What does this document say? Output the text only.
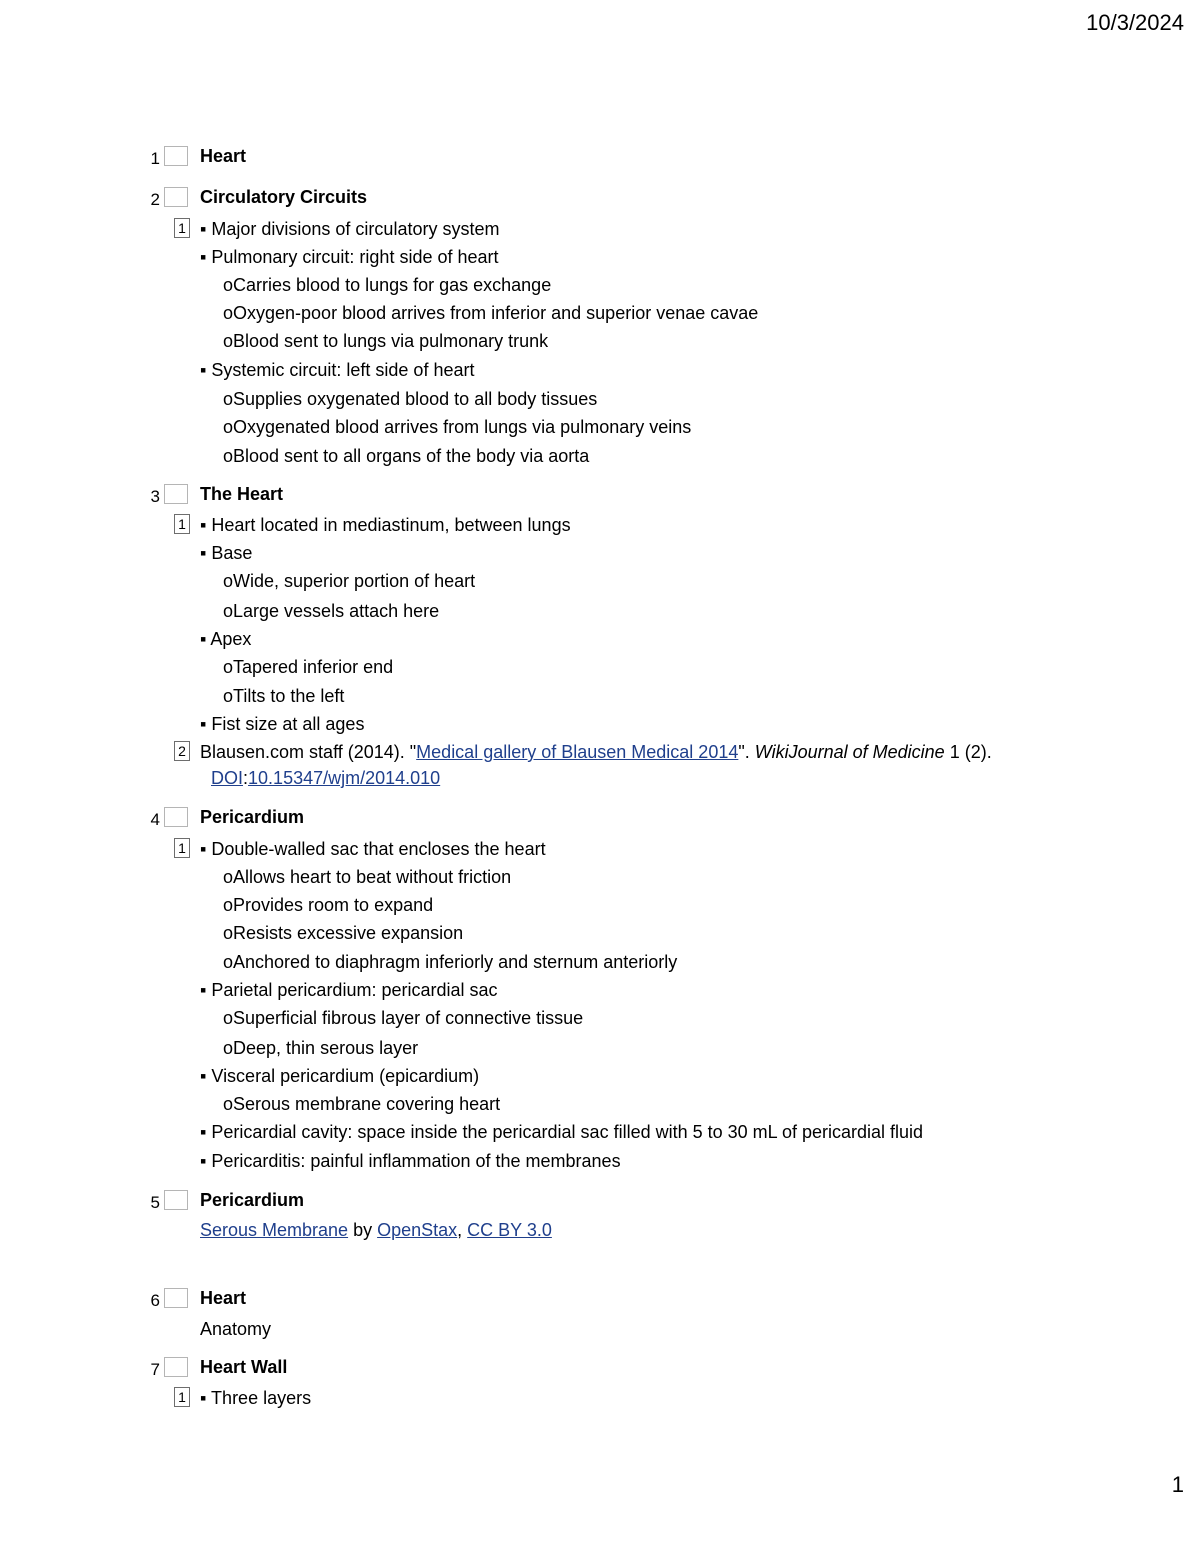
10/3/2024
1 Heart
2 Circulatory Circuits
1 ▪ Major divisions of circulatory system
▪ Pulmonary circuit: right side of heart
oCarries blood to lungs for gas exchange
oOxygen-poor blood arrives from inferior and superior venae cavae
oBlood sent to lungs via pulmonary trunk
▪ Systemic circuit: left side of heart
oSupplies oxygenated blood to all body tissues
oOxygenated blood arrives from lungs via pulmonary veins
oBlood sent to all organs of the body via aorta
3 The Heart
1 ▪ Heart located in mediastinum, between lungs
▪ Base
oWide, superior portion of heart
oLarge vessels attach here
▪ Apex
oTapered inferior end
oTilts to the left
▪ Fist size at all ages
2 Blausen.com staff (2014). "Medical gallery of Blausen Medical 2014". WikiJournal of Medicine 1 (2).
DOI:10.15347/wjm/2014.010
4 Pericardium
1 ▪ Double-walled sac that encloses the heart
oAllows heart to beat without friction
oProvides room to expand
oResists excessive expansion
oAnchored to diaphragm inferiorly and sternum anteriorly
▪ Parietal pericardium: pericardial sac
oSuperficial fibrous layer of connective tissue
oDeep, thin serous layer
▪ Visceral pericardium (epicardium)
oSerous membrane covering heart
▪ Pericardial cavity: space inside the pericardial sac filled with 5 to 30 mL of pericardial fluid
▪ Pericarditis: painful inflammation of the membranes
5 Pericardium
Serous Membrane by OpenStax, CC BY 3.0
6 Heart
Anatomy
7 Heart Wall
1 ▪ Three layers
1
